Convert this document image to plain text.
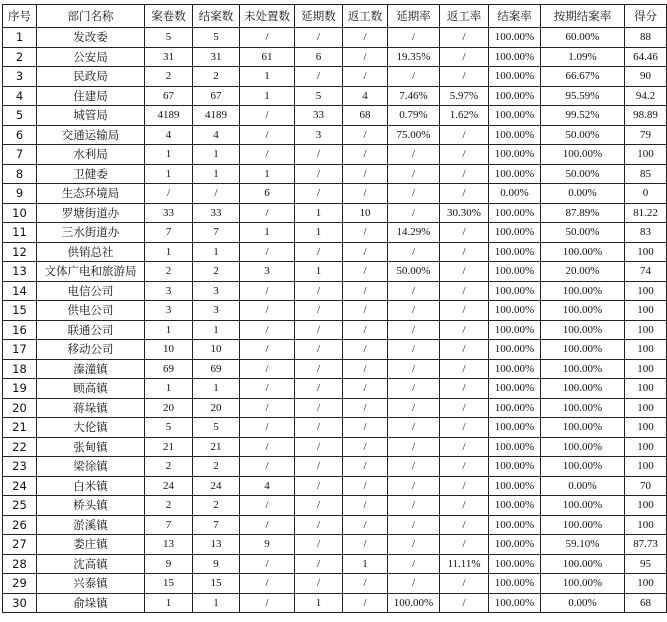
序号	部门名称	案卷数	结案数	未处置数	延期数	返工数	延期率	返工率	结案率	按期结案率	得分
1	发改委	5	5	/	/	/	/	/	100.00%	60.00%	88
2	公安局	31	31	61	6	/	19.35%	/	100.00%	1.09%	64.46
3	民政局	2	2	1	/	/	/	/	100.00%	66.67%	90
4	住建局	67	67	1	5	4	7.46%	5.97%	100.00%	95.59%	94.2
5	城管局	4189	4189	/	33	68	0.79%	1.62%	100.00%	99.52%	98.89
6	交通运输局	4	4	/	3	/	75.00%	/	100.00%	50.00%	79
7	水利局	1	1	/	/	/	/	/	100.00%	100.00%	100
8	卫健委	1	1	1	/	/	/	/	100.00%	50.00%	85
9	生态环境局	/	/	6	/	/	/	/	0.00%	0.00%	0
10	罗塘街道办	33	33	/	1	10	/	30.30%	100.00%	87.89%	81.22
11	三水街道办	7	7	1	1	/	14.29%	/	100.00%	50.00%	83
12	供销总社	1	1	/	/	/	/	/	100.00%	100.00%	100
13	文体广电和旅游局	2	2	3	1	/	50.00%	/	100.00%	20.00%	74
14	电信公司	3	3	/	/	/	/	/	100.00%	100.00%	100
15	供电公司	3	3	/	/	/	/	/	100.00%	100.00%	100
16	联通公司	1	1	/	/	/	/	/	100.00%	100.00%	100
17	移动公司	10	10	/	/	/	/	/	100.00%	100.00%	100
18	溱潼镇	69	69	/	/	/	/	/	100.00%	100.00%	100
19	顾高镇	1	1	/	/	/	/	/	100.00%	100.00%	100
20	蒋垛镇	20	20	/	/	/	/	/	100.00%	100.00%	100
21	大伦镇	5	5	/	/	/	/	/	100.00%	100.00%	100
22	张甸镇	21	21	/	/	/	/	/	100.00%	100.00%	100
23	梁徐镇	2	2	/	/	/	/	/	100.00%	100.00%	100
24	白米镇	24	24	4	/	/	/	/	100.00%	0.00%	70
25	桥头镇	2	2	/	/	/	/	/	100.00%	100.00%	100
26	淤溪镇	7	7	/	/	/	/	/	100.00%	100.00%	100
27	娄庄镇	13	13	9	/	/	/	/	100.00%	59.10%	87.73
28	沈高镇	9	9	/	/	1	/	11.11%	100.00%	100.00%	95
29	兴泰镇	15	15	/	/	/	/	/	100.00%	100.00%	100
30	俞垛镇	1	1	/	1	/	100.00%	/	100.00%	0.00%	68
